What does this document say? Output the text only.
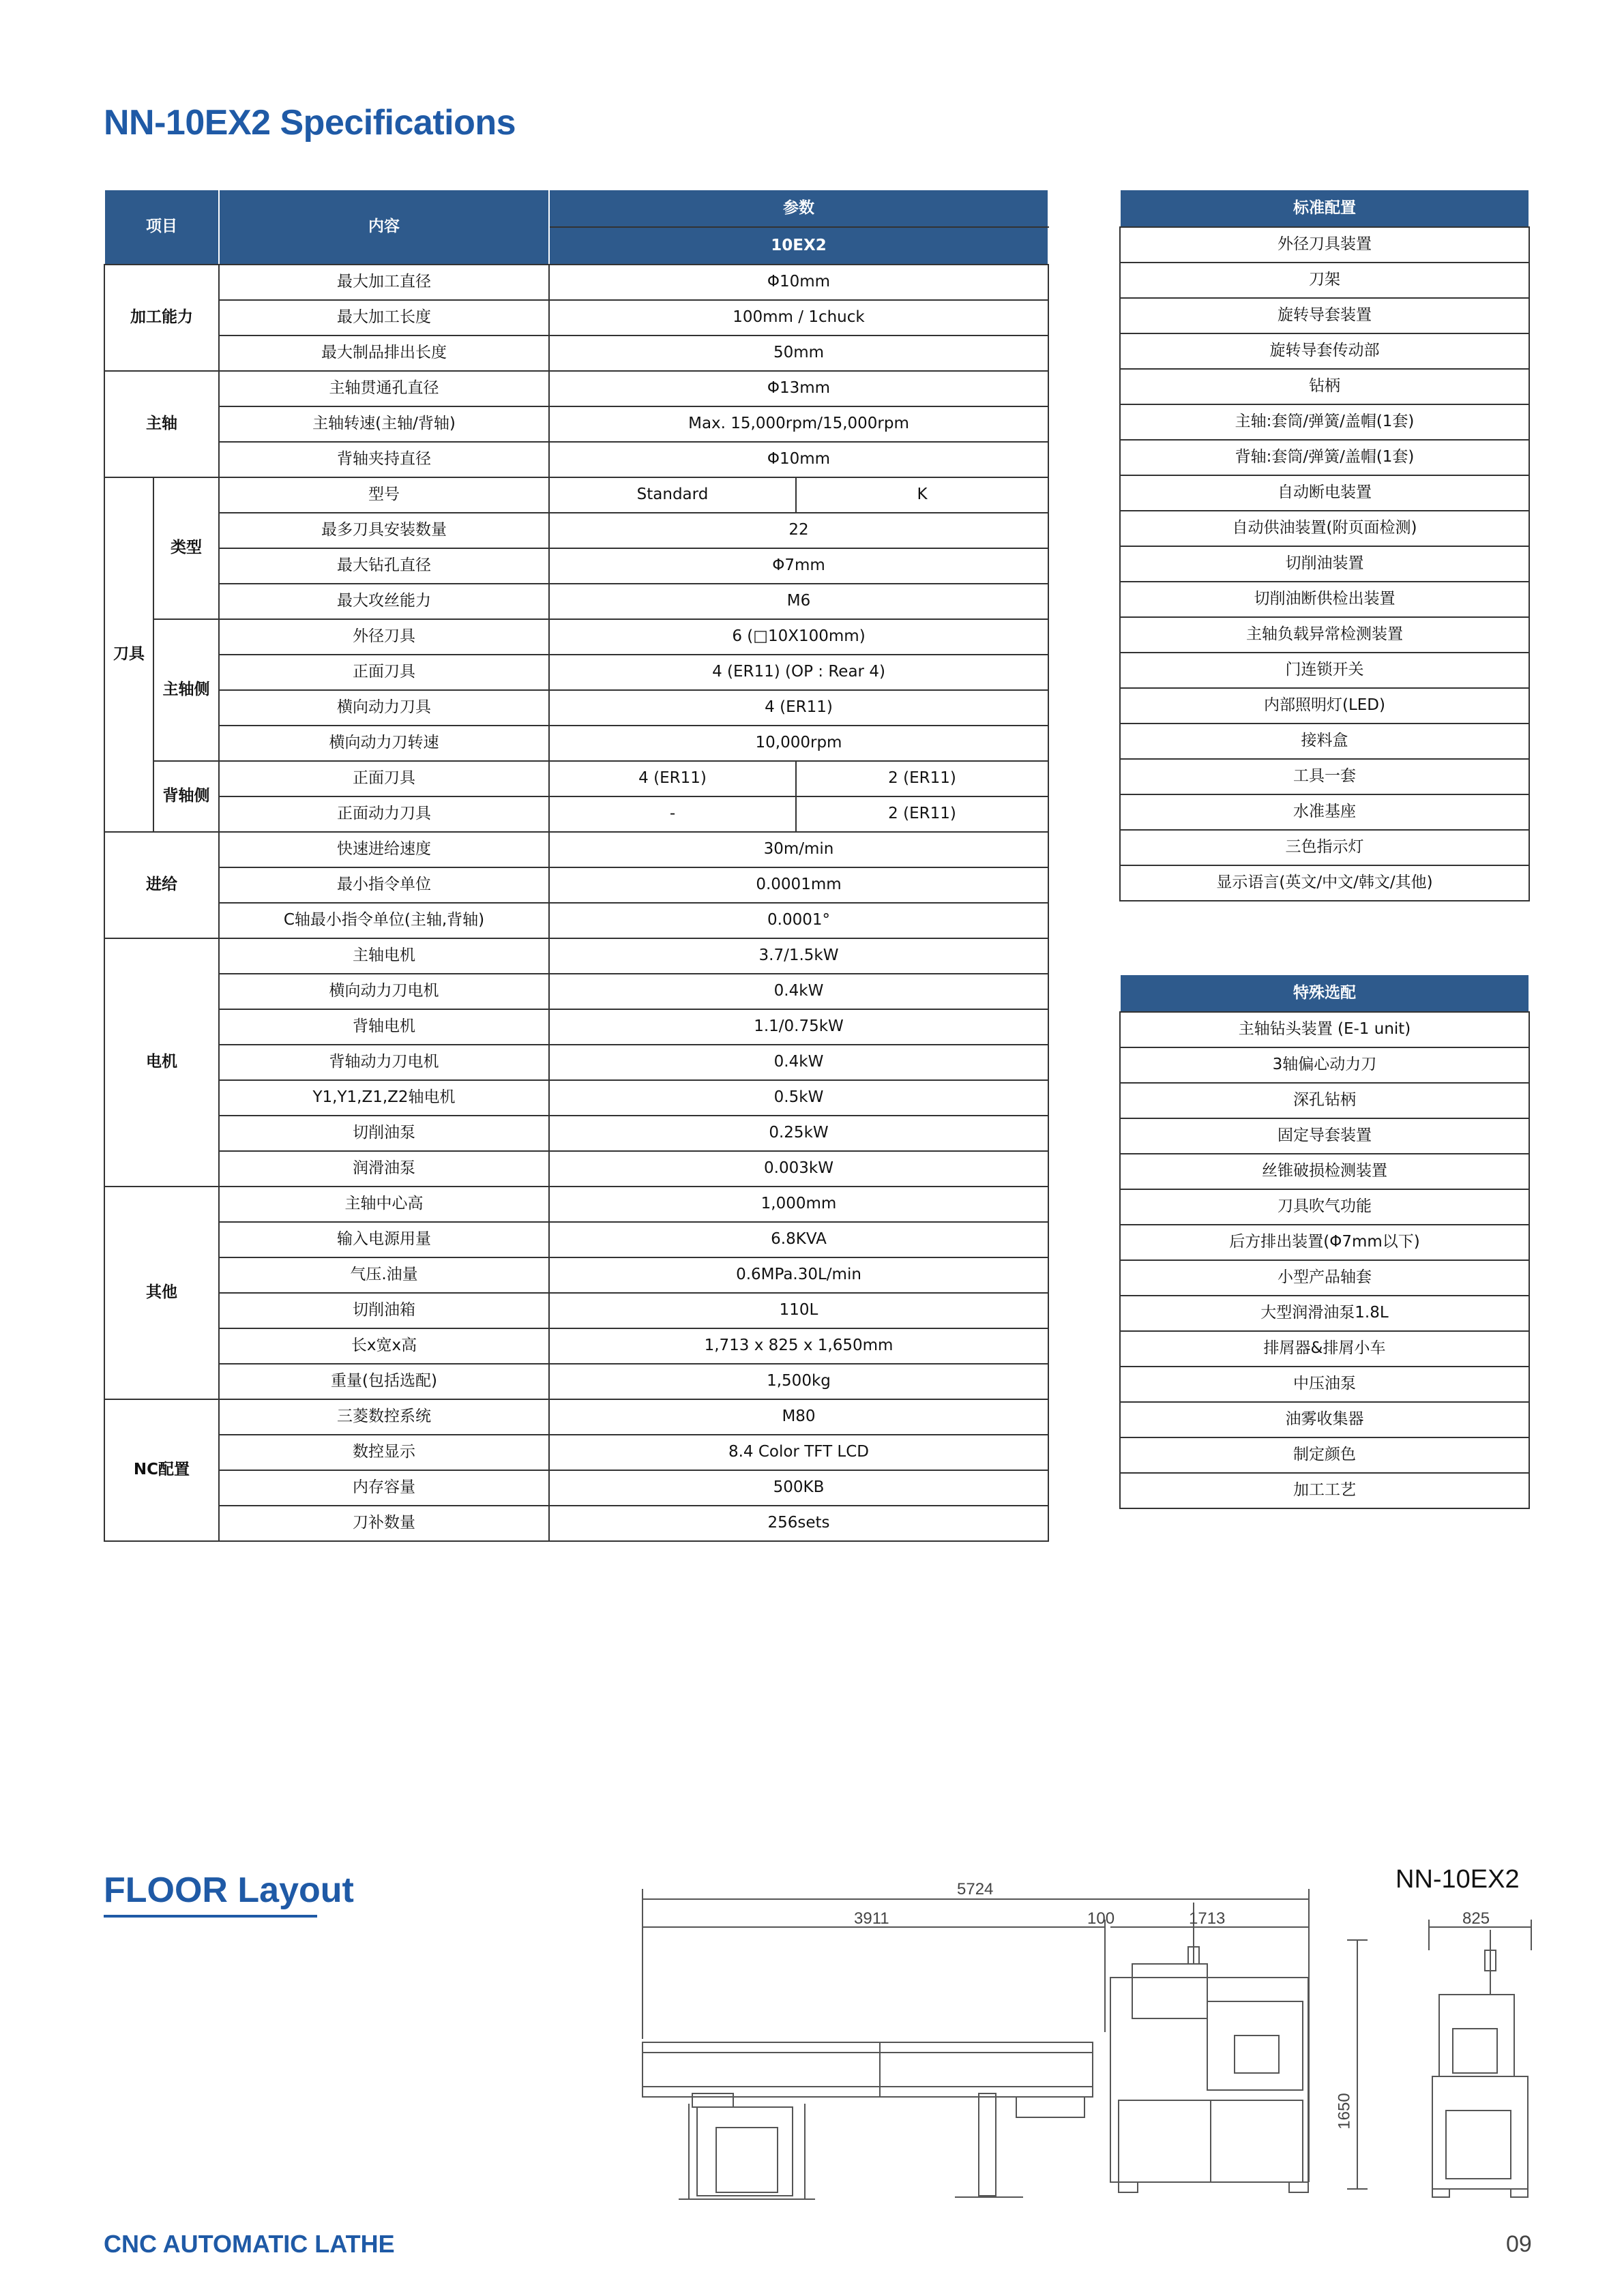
NN-10EX2 Specifications
项目		内容	参数	
			10EX2	
加工能力		最大加工直径	Φ10mm	
		最大加工长度	100mm / 1chuck	
		最大制品排出长度	50mm	
主轴		主轴贯通孔直径	Φ13mm	
		主轴转速(主轴/背轴)	Max. 15,000rpm/15,000rpm	
		背轴夹持直径	Φ10mm	
刀具	类型	型号	Standard	K
		最多刀具安装数量	22	
		最大钻孔直径	Φ7mm	
		最大攻丝能力	M6	
	主轴侧	外径刀具	6 (□10X100mm)	
		正面刀具	4 (ER11) (OP : Rear 4)	
		横向动力刀具	4 (ER11)	
		横向动力刀转速	10,000rpm	
	背轴侧	正面刀具	4 (ER11)	2 (ER11)
		正面动力刀具	-	2 (ER11)
进给		快速进给速度	30m/min	
		最小指令单位	0.0001mm	
		C轴最小指令单位(主轴,背轴)	0.0001°	
电机		主轴电机	3.7/1.5kW	
		横向动力刀电机	0.4kW	
		背轴电机	1.1/0.75kW	
		背轴动力刀电机	0.4kW	
		Y1,Y1,Z1,Z2轴电机	0.5kW	
		切削油泵	0.25kW	
		润滑油泵	0.003kW	
其他		主轴中心高	1,000mm	
		输入电源用量	6.8KVA	
		气压.油量	0.6MPa.30L/min	
		切削油箱	110L	
		长x宽x高	1,713 x 825 x 1,650mm	
		重量(包括选配)	1,500kg	
NC配置		三菱数控系统	M80	
		数控显示	8.4 Color TFT LCD	
		内存容量	500KB	
		刀补数量	256sets	
标准配置
外径刀具装置
刀架
旋转导套装置
旋转导套传动部
钻柄
主轴:套筒/弹簧/盖帽(1套)
背轴:套筒/弹簧/盖帽(1套)
自动断电装置
自动供油装置(附页面检测)
切削油装置
切削油断供检出装置
主轴负载异常检测装置
门连锁开关
内部照明灯(LED)
接料盒
工具一套
水准基座
三色指示灯
显示语言(英文/中文/韩文/其他)
特殊选配
主轴钻头装置 (E-1 unit)
3轴偏心动力刀
深孔钻柄
固定导套装置
丝锥破损检测装置
刀具吹气功能
后方排出装置(Φ7mm以下)
小型产品轴套
大型润滑油泵1.8L
排屑器&排屑小车
中压油泵
油雾收集器
制定颜色
加工工艺
FLOOR Layout	NN-10EX2
5724
3911	100	1713	825
1650
CNC AUTOMATIC LATHE	09
